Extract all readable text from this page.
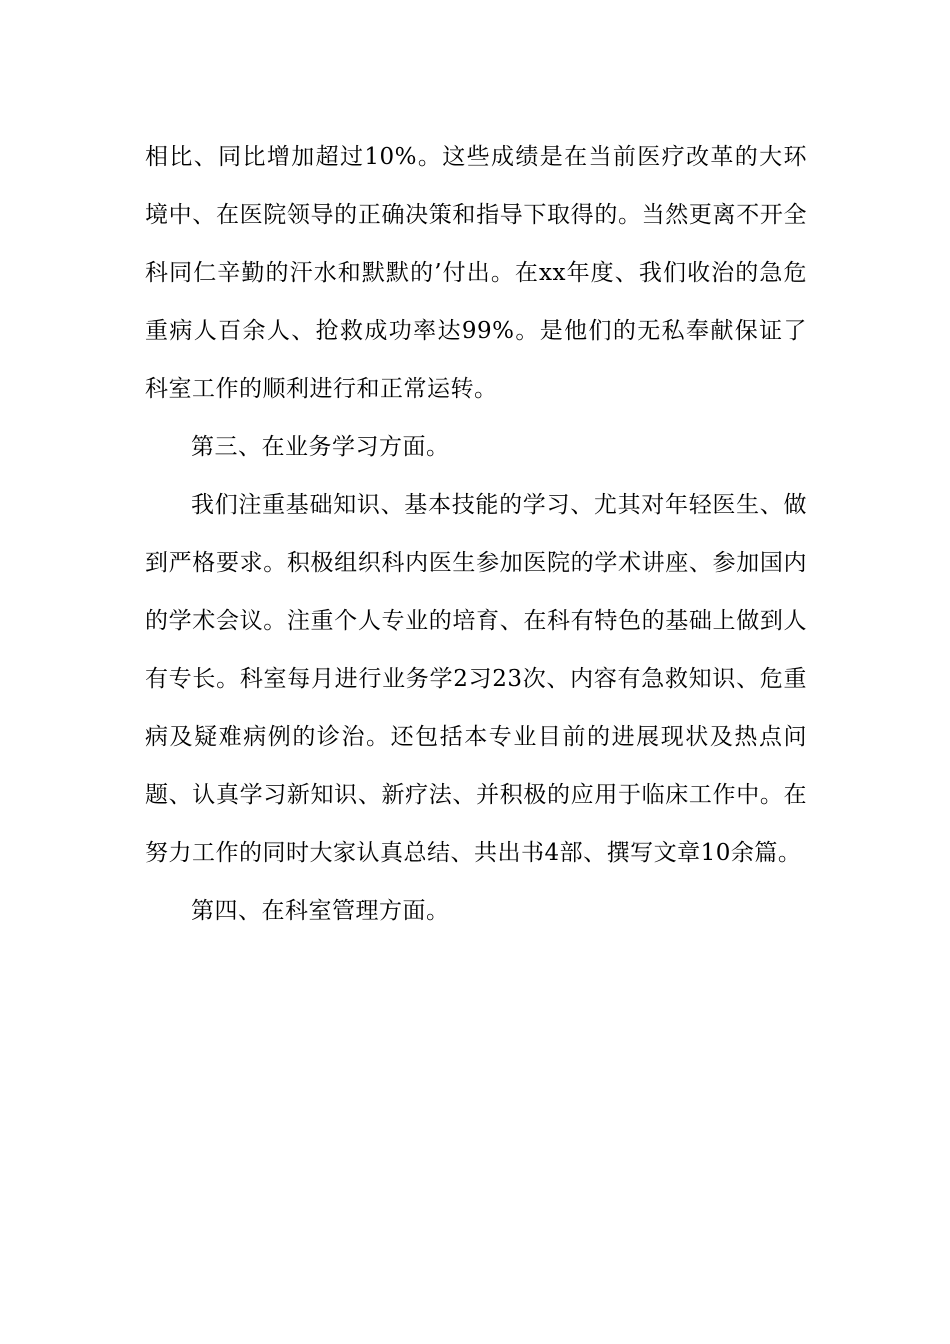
相比、同比增加超过10%。这些成绩是在当前医疗改革的大环境中、在医院领导的正确决策和指导下取得的。当然更离不开全科同仁辛勤的汗水和默默的’付出。在xx年度、我们收治的急危重病人百余人、抢救成功率达99%。是他们的无私奉献保证了科室工作的顺利进行和正常运转。

第三、在业务学习方面。

我们注重基础知识、基本技能的学习、尤其对年轻医生、做到严格要求。积极组织科内医生参加医院的学术讲座、参加国内的学术会议。注重个人专业的培育、在科有特色的基础上做到人有专长。科室每月进行业务学2习23次、内容有急救知识、危重病及疑难病例的诊治。还包括本专业目前的进展现状及热点问题、认真学习新知识、新疗法、并积极的应用于临床工作中。在努力工作的同时大家认真总结、共出书4部、撰写文章10余篇。

第四、在科室管理方面。
